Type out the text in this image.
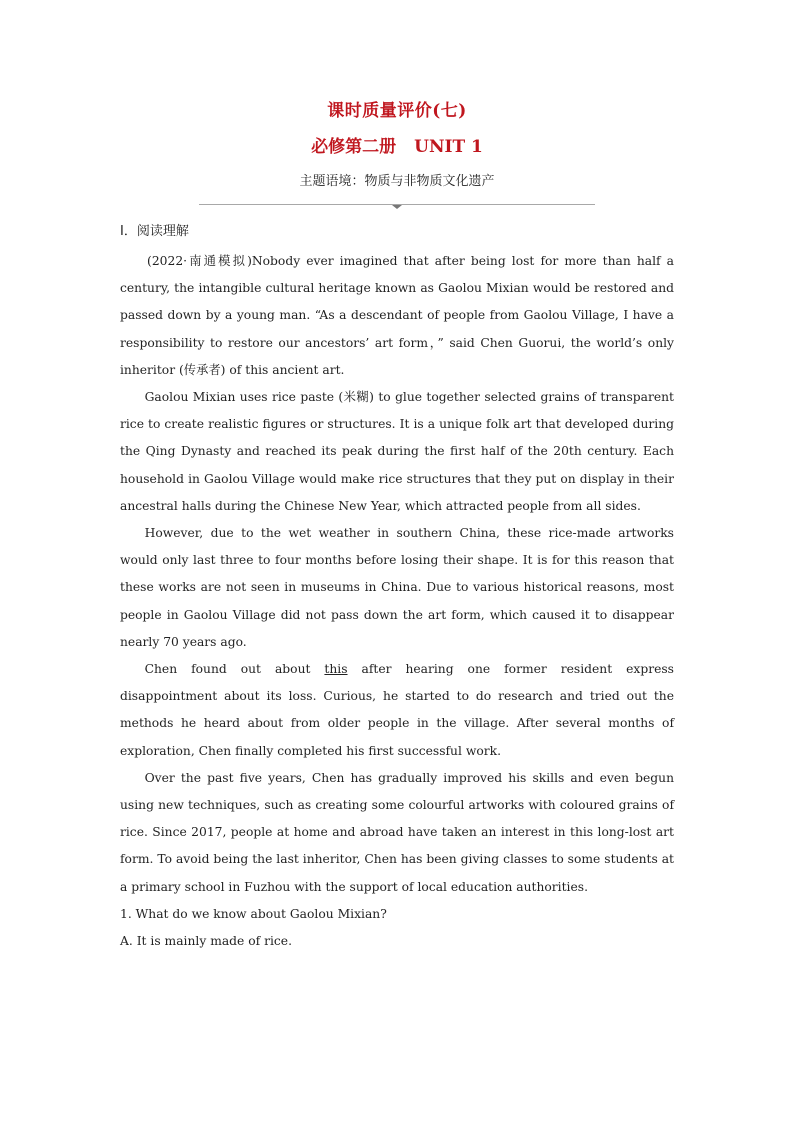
课时质量评价(七)
必修第二册 UNIT 1
主题语境：物质与非物质文化遗产
Ⅰ．阅读理解

(2022·南通模拟)Nobody ever imagined that after being lost for more than half a century, the intangible cultural heritage known as Gaolou Mixian would be restored and passed down by a young man. “As a descendant of people from Gaolou Village, I have a responsibility to restore our ancestors’ art form，” said Chen Guorui, the world’s only inheritor (传承者) of this ancient art.

Gaolou Mixian uses rice paste (米糊) to glue together selected grains of transparent rice to create realistic figures or structures. It is a unique folk art that developed during the Qing Dynasty and reached its peak during the first half of the 20th century. Each household in Gaolou Village would make rice structures that they put on display in their ancestral halls during the Chinese New Year, which attracted people from all sides.

However, due to the wet weather in southern China, these rice-made artworks would only last three to four months before losing their shape. It is for this reason that these works are not seen in museums in China. Due to various historical reasons, most people in Gaolou Village did not pass down the art form, which caused it to disappear nearly 70 years ago.

Chen found out about this after hearing one former resident express disappointment about its loss. Curious, he started to do research and tried out the methods he heard about from older people in the village. After several months of exploration, Chen finally completed his first successful work.

Over the past five years, Chen has gradually improved his skills and even begun using new techniques, such as creating some colourful artworks with coloured grains of rice. Since 2017, people at home and abroad have taken an interest in this long-lost art form. To avoid being the last inheritor, Chen has been giving classes to some students at a primary school in Fuzhou with the support of local education authorities.

1. What do we know about Gaolou Mixian?

A. It is mainly made of rice.
